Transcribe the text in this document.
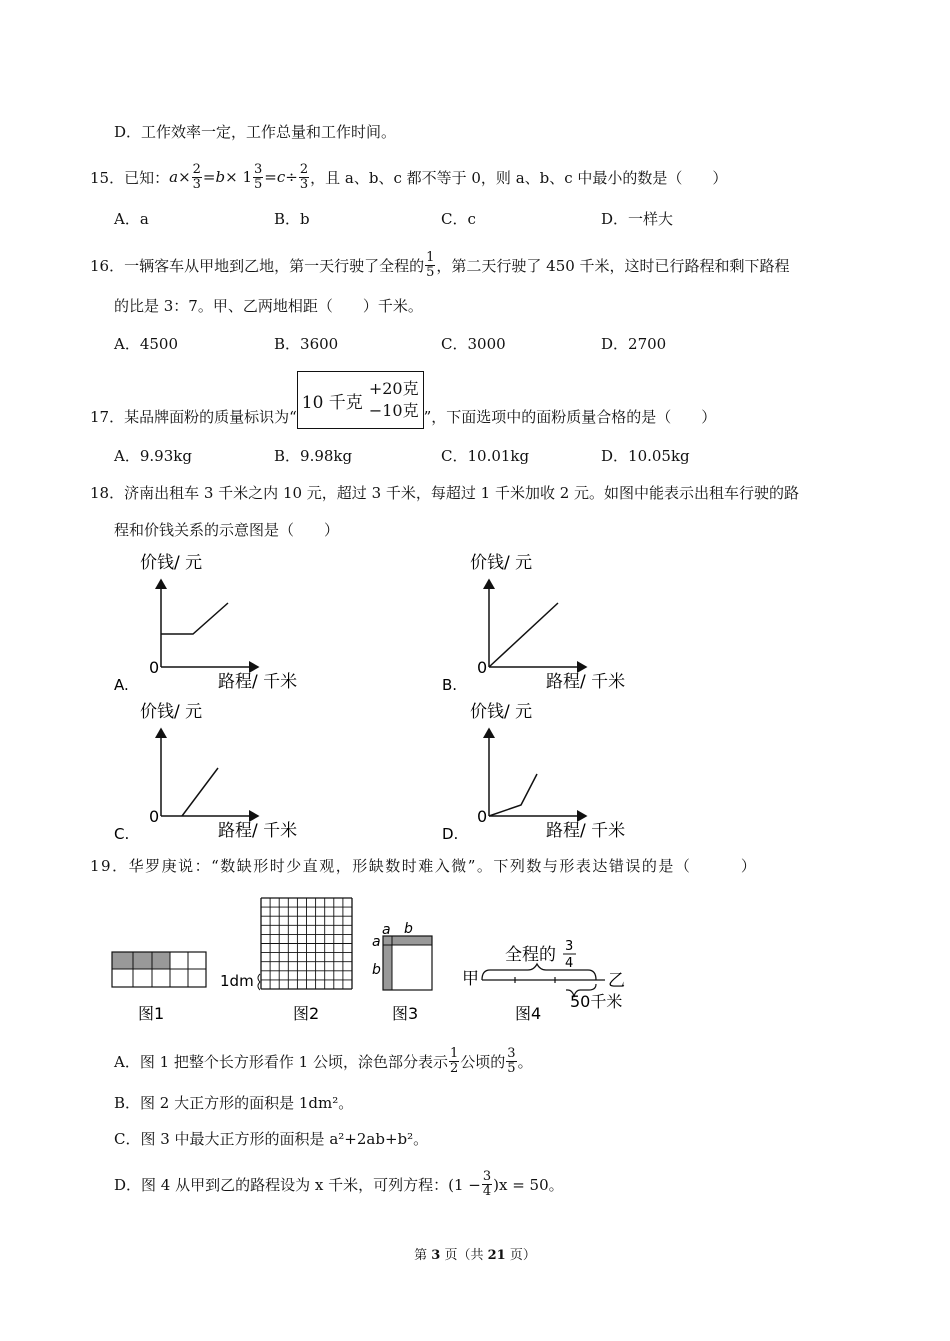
D．工作效率一定，工作总量和工作时间。
15． 已知： $a \times \frac{2}{3} = b \times 1 \frac{3}{5} = c \div \frac{2}{3}$ ，且 a、b、c 都不等于 0，则 a、b、c 中最小的数是（　　）
A．a	B．b	C．c	D．一样大
16． 一辆客车从甲地到乙地，第一天行驶了全程的 $\frac{1}{5}$ ，第二天行驶了 450 千米，这时已行路程和剩下路程
的比是 3：7。甲、乙两地相距（　　）千米。
A．4500	B．3600	C．3000	D．2700
17． 某品牌面粉的质量标识为“
10 千克
+20克
−10克 ”，下面选项中的面粉质量合格的是（　　）
A．9.93kg	B．9.98kg	C．10.01kg	D．10.05kg
18．济南出租车 3 千米之内 10 元，超过 3 千米，每超过 1 千米加收 2 元。如图中能表示出租车行驶的路
程和价钱关系的示意图是（　　）
价钱/ 元
0
路程/ 千米
A.
价钱/ 元
0
路程/ 千米
B.
价钱/ 元
0
路程/ 千米
C.
价钱/ 元
0
路程/ 千米
D.
19．华罗庚说：“数缺形时少直观，形缺数时难入微”。下列数与形表达错误的是（　　　）
图1
1dm
图2
a b
a
b
图3
全程的 3
4
甲	乙
50千米
图4
A．图 1 把整个长方形看作 1 公顷，涂色部分表示 $\frac{1}{2}$ 公顷的 $\frac{3}{5}$ 。
B．图 2 大正方形的面积是 1dm²。
C．图 3 中最大正方形的面积是 a²+2ab+b²。
D．图 4 从甲到乙的路程设为 x 千米，可列方程：$(1 - \frac{3}{4} )x = 50$。
第 3 页（共 21 页）
